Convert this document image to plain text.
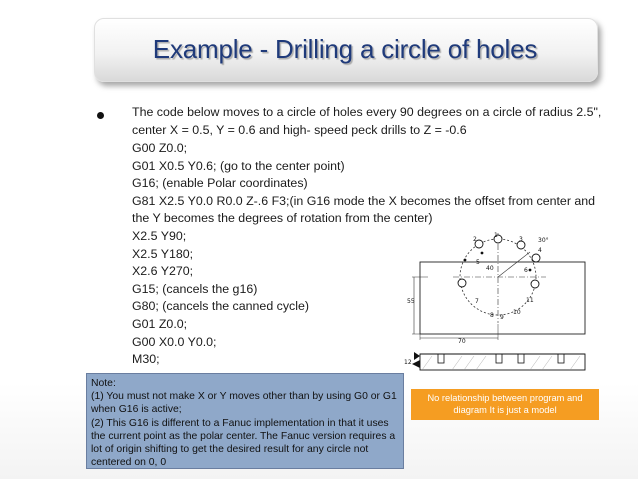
Example - Drilling a circle of holes
The code below moves to a circle of holes every 90 degrees on a circle of radius 2.5", center X = 0.5, Y = 0.6 and high- speed peck drills to Z = -0.6
G00 Z0.0;
G01 X0.5 Y0.6; (go to the center point)
G16; (enable Polar coordinates)
G81 X2.5 Y0.0 R0.0 Z-.6 F3;(in G16 mode the X becomes the offset from center and the Y becomes the degrees of rotation from the center)
X2.5 Y90;
X2.5 Y180;
X2.6 Y270;
G15; (cancels the g16)
G80; (cancels the canned cycle)
G01 Z0.0;
G00 X0.0 Y0.0;
M30;
1
2	3
4
5
6
7
8 9
10
11
12
40
30°
55
70
Note:
(1) You must not make X or Y moves other than by using G0 or G1 when G16 is active;
(2) This G16 is different to a Fanuc implementation in that it uses the current point as the polar center. The Fanuc version requires a lot of origin shifting to get the desired result for any circle not centered on 0, 0
No relationship between program and diagram It is just a model
